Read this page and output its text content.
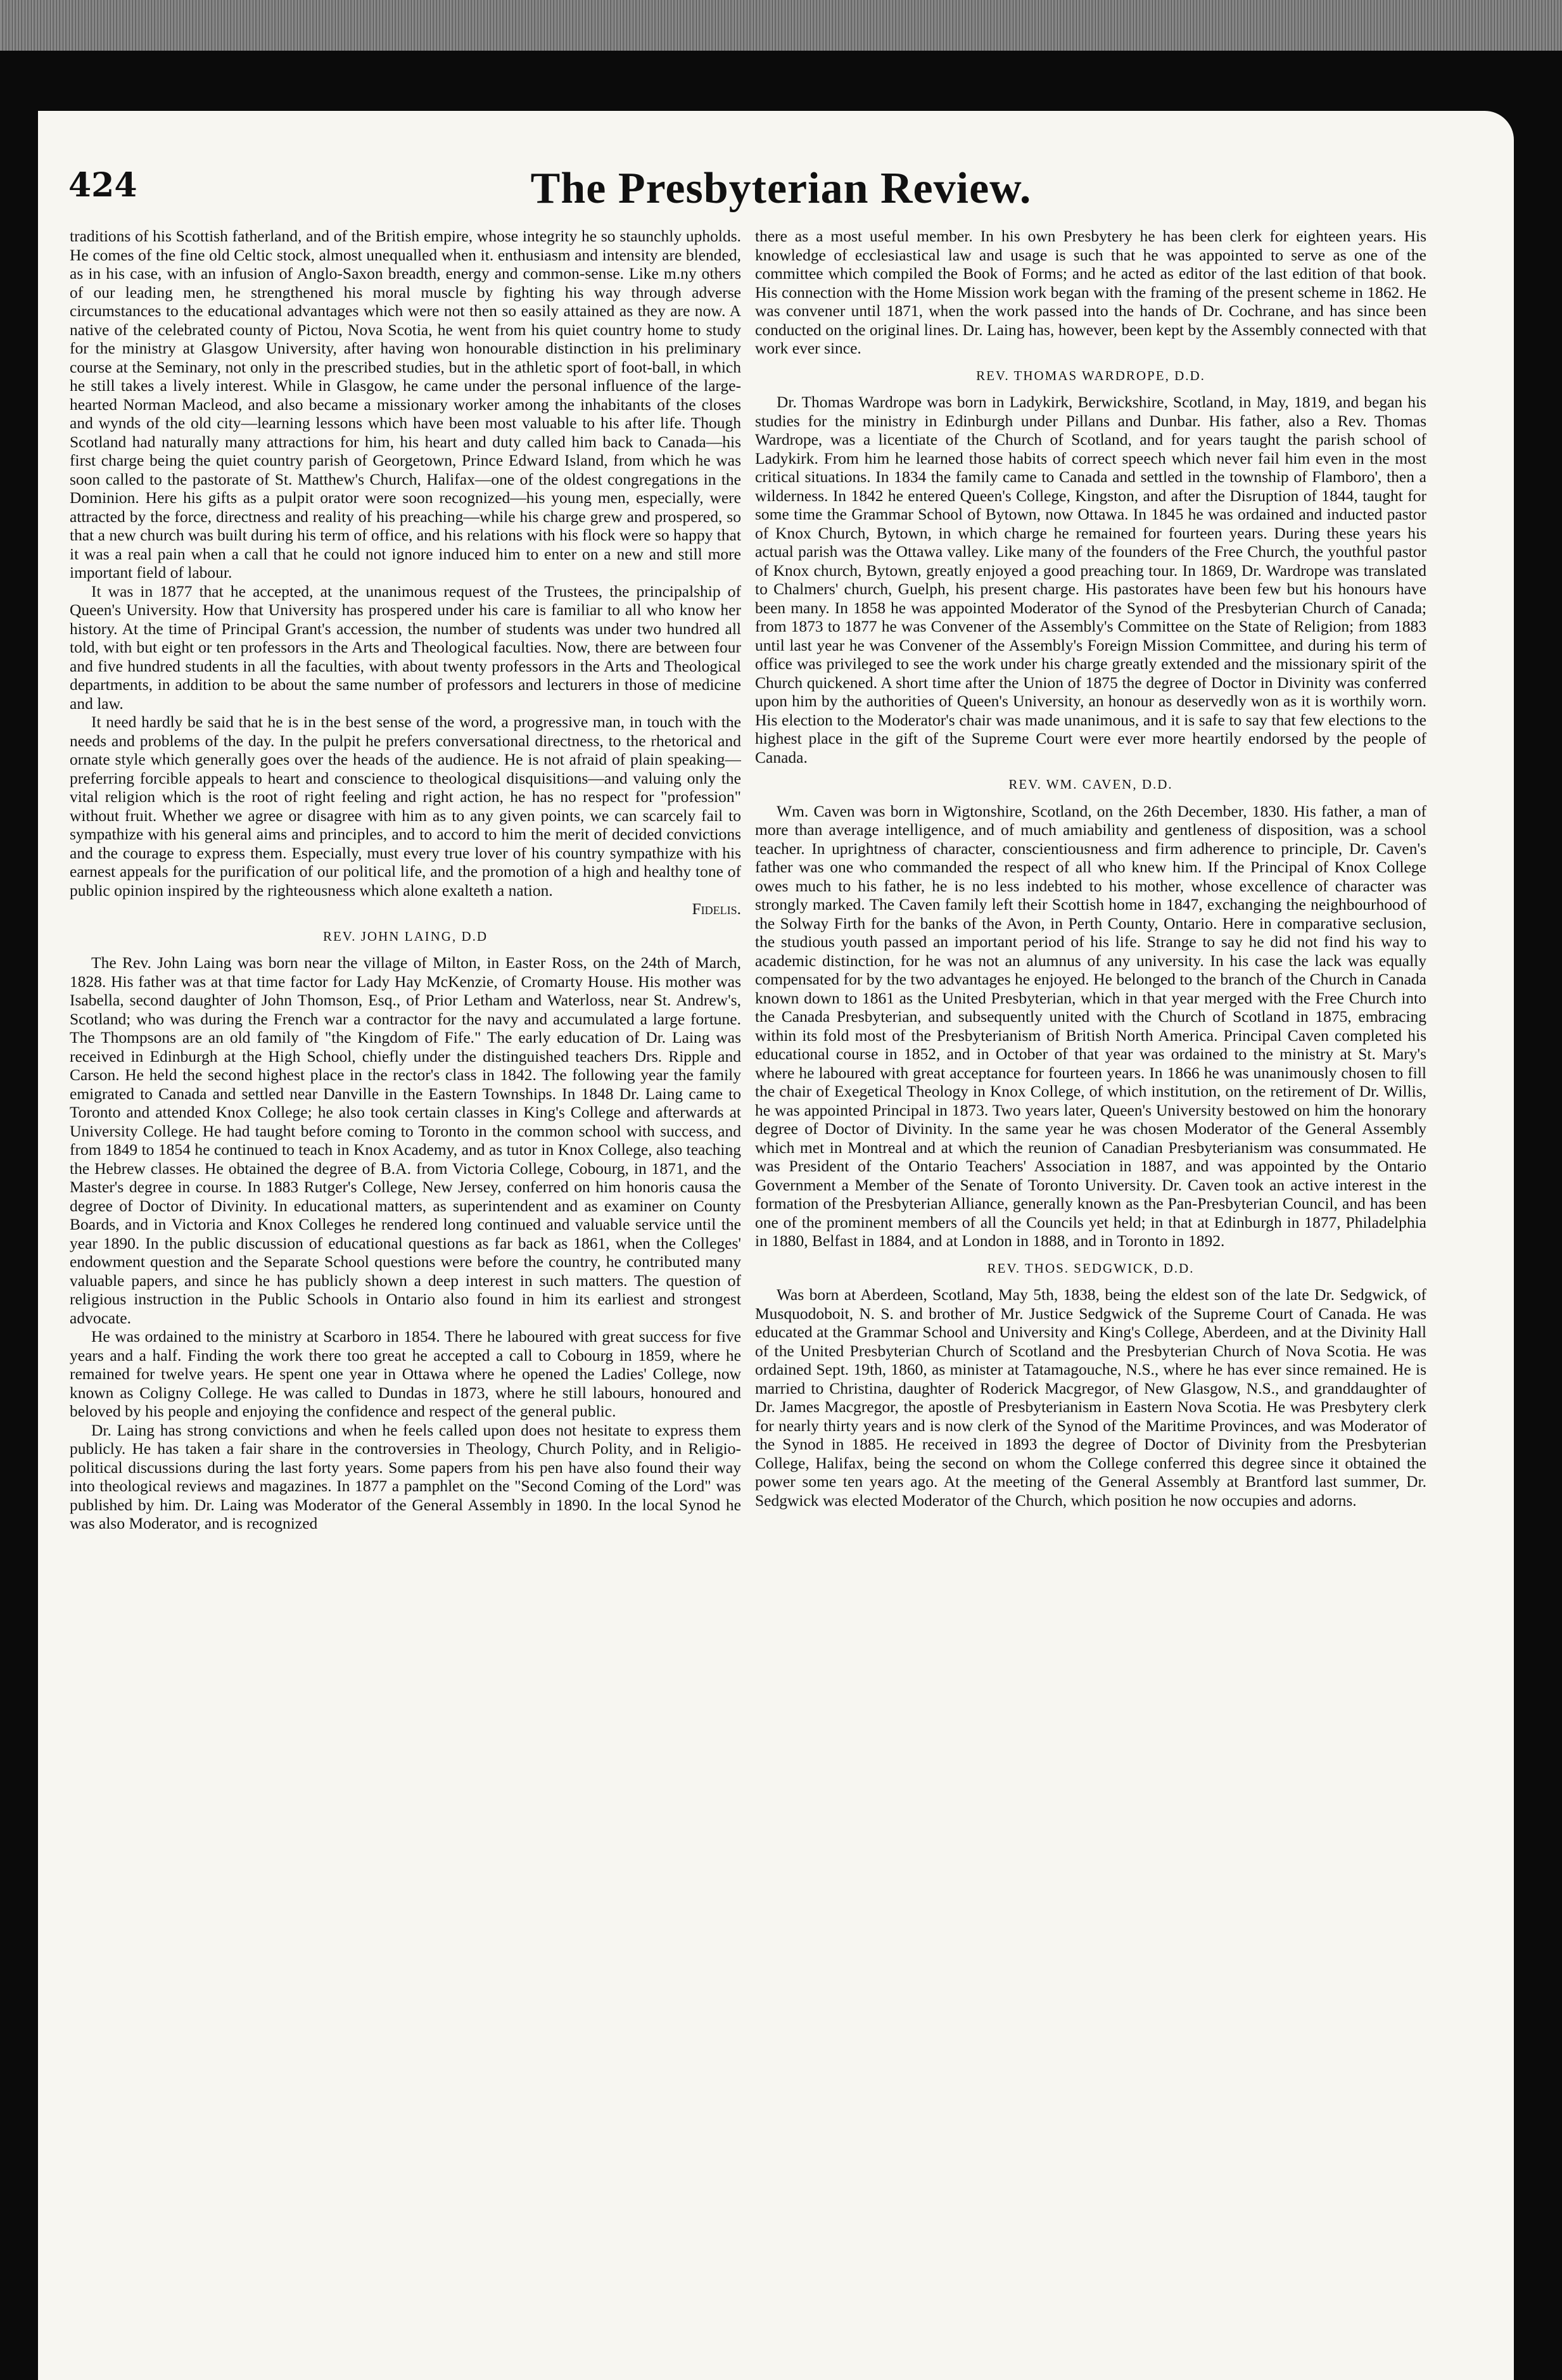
424	The Presbyterian Review.

traditions of his Scottish fatherland, and of the British empire, whose integrity he so staunchly upholds. He comes of the fine old Celtic stock, almost unequalled when it. enthusiasm and intensity are blended, as in his case, with an infusion of Anglo-Saxon breadth, energy and common-sense. Like m.ny others of our leading men, he strengthened his moral muscle by fighting his way through adverse circumstances to the educational advantages which were not then so easily attained as they are now. A native of the celebrated county of Pictou, Nova Scotia, he went from his quiet country home to study for the ministry at Glasgow University, after having won honourable distinction in his preliminary course at the Seminary, not only in the prescribed studies, but in the athletic sport of foot-ball, in which he still takes a lively interest. While in Glasgow, he came under the personal influence of the large-hearted Norman Macleod, and also became a missionary worker among the inhabitants of the closes and wynds of the old city—learning lessons which have been most valuable to his after life. Though Scotland had naturally many attractions for him, his heart and duty called him back to Canada—his first charge being the quiet country parish of Georgetown, Prince Edward Island, from which he was soon called to the pastorate of St. Matthew's Church, Halifax—one of the oldest congregations in the Dominion. Here his gifts as a pulpit orator were soon recognized—his young men, especially, were attracted by the force, directness and reality of his preaching—while his charge grew and prospered, so that a new church was built during his term of office, and his relations with his flock were so happy that it was a real pain when a call that he could not ignore induced him to enter on a new and still more important field of labour.

It was in 1877 that he accepted, at the unanimous request of the Trustees, the principalship of Queen's University. How that University has prospered under his care is familiar to all who know her history. At the time of Principal Grant's accession, the number of students was under two hundred all told, with but eight or ten professors in the Arts and Theological faculties. Now, there are between four and five hundred students in all the faculties, with about twenty professors in the Arts and Theological departments, in addition to be about the same number of professors and lecturers in those of medicine and law.

It need hardly be said that he is in the best sense of the word, a progressive man, in touch with the needs and problems of the day. In the pulpit he prefers conversational directness, to the rhetorical and ornate style which generally goes over the heads of the audience. He is not afraid of plain speaking—preferring forcible appeals to heart and conscience to theological disquisitions—and valuing only the vital religion which is the root of right feeling and right action, he has no respect for "profession" without fruit. Whether we agree or disagree with him as to any given points, we can scarcely fail to sympathize with his general aims and principles, and to accord to him the merit of decided convictions and the courage to express them. Especially, must every true lover of his country sympathize with his earnest appeals for the purification of our political life, and the promotion of a high and healthy tone of public opinion inspired by the righteousness which alone exalteth a nation.

Fidelis.

REV. JOHN LAING, D.D

The Rev. John Laing was born near the village of Milton, in Easter Ross, on the 24th of March, 1828. His father was at that time factor for Lady Hay McKenzie, of Cromarty House. His mother was Isabella, second daughter of John Thomson, Esq., of Prior Letham and Waterloss, near St. Andrew's, Scotland; who was during the French war a contractor for the navy and accumulated a large fortune. The Thompsons are an old family of "the Kingdom of Fife." The early education of Dr. Laing was received in Edinburgh at the High School, chiefly under the distinguished teachers Drs. Ripple and Carson. He held the second highest place in the rector's class in 1842. The following year the family emigrated to Canada and settled near Danville in the Eastern Townships. In 1848 Dr. Laing came to Toronto and attended Knox College; he also took certain classes in King's College and afterwards at University College. He had taught before coming to Toronto in the common school with success, and from 1849 to 1854 he continued to teach in Knox Academy, and as tutor in Knox College, also teaching the Hebrew classes. He obtained the degree of B.A. from Victoria College, Cobourg, in 1871, and the Master's degree in course. In 1883 Rutger's College, New Jersey, conferred on him honoris causa the degree of Doctor of Divinity. In educational matters, as superintendent and as examiner on County Boards, and in Victoria and Knox Colleges he rendered long continued and valuable service until the year 1890. In the public discussion of educational questions as far back as 1861, when the Colleges' endowment question and the Separate School questions were before the country, he contributed many valuable papers, and since he has publicly shown a deep interest in such matters. The question of religious instruction in the Public Schools in Ontario also found in him its earliest and strongest advocate.

He was ordained to the ministry at Scarboro in 1854. There he laboured with great success for five years and a half. Finding the work there too great he accepted a call to Cobourg in 1859, where he remained for twelve years. He spent one year in Ottawa where he opened the Ladies' College, now known as Coligny College. He was called to Dundas in 1873, where he still labours, honoured and beloved by his people and enjoying the confidence and respect of the general public.

Dr. Laing has strong convictions and when he feels called upon does not hesitate to express them publicly. He has taken a fair share in the controversies in Theology, Church Polity, and in Religio-political discussions during the last forty years. Some papers from his pen have also found their way into theological reviews and magazines. In 1877 a pamphlet on the "Second Coming of the Lord" was published by him. Dr. Laing was Moderator of the General Assembly in 1890. In the local Synod he was also Moderator, and is recognized

there as a most useful member. In his own Presbytery he has been clerk for eighteen years. His knowledge of ecclesiastical law and usage is such that he was appointed to serve as one of the committee which compiled the Book of Forms; and he acted as editor of the last edition of that book. His connection with the Home Mission work began with the framing of the present scheme in 1862. He was convener until 1871, when the work passed into the hands of Dr. Cochrane, and has since been conducted on the original lines. Dr. Laing has, however, been kept by the Assembly connected with that work ever since.

REV. THOMAS WARDROPE, D.D.

Dr. Thomas Wardrope was born in Ladykirk, Berwickshire, Scotland, in May, 1819, and began his studies for the ministry in Edinburgh under Pillans and Dunbar. His father, also a Rev. Thomas Wardrope, was a licentiate of the Church of Scotland, and for years taught the parish school of Ladykirk. From him he learned those habits of correct speech which never fail him even in the most critical situations. In 1834 the family came to Canada and settled in the township of Flamboro', then a wilderness. In 1842 he entered Queen's College, Kingston, and after the Disruption of 1844, taught for some time the Grammar School of Bytown, now Ottawa. In 1845 he was ordained and inducted pastor of Knox Church, Bytown, in which charge he remained for fourteen years. During these years his actual parish was the Ottawa valley. Like many of the founders of the Free Church, the youthful pastor of Knox church, Bytown, greatly enjoyed a good preaching tour. In 1869, Dr. Wardrope was translated to Chalmers' church, Guelph, his present charge. His pastorates have been few but his honours have been many. In 1858 he was appointed Moderator of the Synod of the Presbyterian Church of Canada; from 1873 to 1877 he was Convener of the Assembly's Committee on the State of Religion; from 1883 until last year he was Convener of the Assembly's Foreign Mission Committee, and during his term of office was privileged to see the work under his charge greatly extended and the missionary spirit of the Church quickened. A short time after the Union of 1875 the degree of Doctor in Divinity was conferred upon him by the authorities of Queen's University, an honour as deservedly won as it is worthily worn. His election to the Moderator's chair was made unanimous, and it is safe to say that few elections to the highest place in the gift of the Supreme Court were ever more heartily endorsed by the people of Canada.

REV. WM. CAVEN, D.D.

Wm. Caven was born in Wigtonshire, Scotland, on the 26th December, 1830. His father, a man of more than average intelligence, and of much amiability and gentleness of disposition, was a school teacher. In uprightness of character, conscientiousness and firm adherence to principle, Dr. Caven's father was one who commanded the respect of all who knew him. If the Principal of Knox College owes much to his father, he is no less indebted to his mother, whose excellence of character was strongly marked. The Caven family left their Scottish home in 1847, exchanging the neighbourhood of the Solway Firth for the banks of the Avon, in Perth County, Ontario. Here in comparative seclusion, the studious youth passed an important period of his life. Strange to say he did not find his way to academic distinction, for he was not an alumnus of any university. In his case the lack was equally compensated for by the two advantages he enjoyed. He belonged to the branch of the Church in Canada known down to 1861 as the United Presbyterian, which in that year merged with the Free Church into the Canada Presbyterian, and subsequently united with the Church of Scotland in 1875, embracing within its fold most of the Presbyterianism of British North America. Principal Caven completed his educational course in 1852, and in October of that year was ordained to the ministry at St. Mary's where he laboured with great acceptance for fourteen years. In 1866 he was unanimously chosen to fill the chair of Exegetical Theology in Knox College, of which institution, on the retirement of Dr. Willis, he was appointed Principal in 1873. Two years later, Queen's University bestowed on him the honorary degree of Doctor of Divinity. In the same year he was chosen Moderator of the General Assembly which met in Montreal and at which the reunion of Canadian Presbyterianism was consummated. He was President of the Ontario Teachers' Association in 1887, and was appointed by the Ontario Government a Member of the Senate of Toronto University. Dr. Caven took an active interest in the formation of the Presbyterian Alliance, generally known as the Pan-Presbyterian Council, and has been one of the prominent members of all the Councils yet held; in that at Edinburgh in 1877, Philadelphia in 1880, Belfast in 1884, and at London in 1888, and in Toronto in 1892.

REV. THOS. SEDGWICK, D.D.

Was born at Aberdeen, Scotland, May 5th, 1838, being the eldest son of the late Dr. Sedgwick, of Musquodoboit, N. S. and brother of Mr. Justice Sedgwick of the Supreme Court of Canada. He was educated at the Grammar School and University and King's College, Aberdeen, and at the Divinity Hall of the United Presbyterian Church of Scotland and the Presbyterian Church of Nova Scotia. He was ordained Sept. 19th, 1860, as minister at Tatamagouche, N.S., where he has ever since remained. He is married to Christina, daughter of Roderick Macgregor, of New Glasgow, N.S., and granddaughter of Dr. James Macgregor, the apostle of Presbyterianism in Eastern Nova Scotia. He was Presbytery clerk for nearly thirty years and is now clerk of the Synod of the Maritime Provinces, and was Moderator of the Synod in 1885. He received in 1893 the degree of Doctor of Divinity from the Presbyterian College, Halifax, being the second on whom the College conferred this degree since it obtained the power some ten years ago. At the meeting of the General Assembly at Brantford last summer, Dr. Sedgwick was elected Moderator of the Church, which position he now occupies and adorns.
